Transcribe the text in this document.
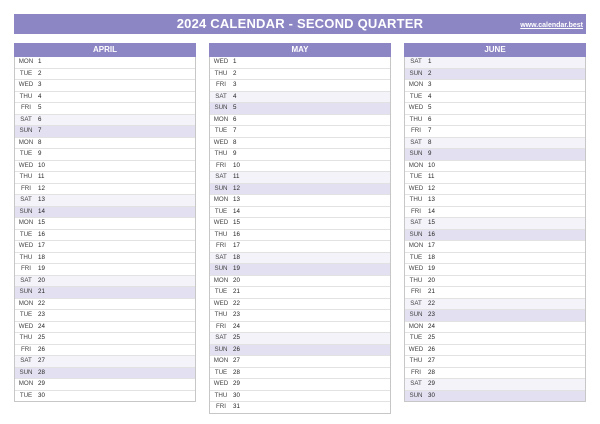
2024 CALENDAR - SECOND QUARTER	www.calendar.best
APRIL
MON 1
TUE 2
WED 3
THU 4
FRI	5
SAT	6
SUN 7
MON 8
TUE 9
WED 10
THU 11
FRI	12
SAT	13
SUN 14
MON 15
TUE 16
WED 17
THU 18
FRI	19
SAT	20
SUN 21
MON 22
TUE 23
WED 24
THU 25
FRI	26
SAT	27
SUN 28
MON 29
TUE 30
MAY
WED 1
THU 2
FRI	3
SAT	4
SUN 5
MON 6
TUE 7
WED 8
THU 9
FRI	10
SAT	11
SUN 12
MON 13
TUE 14
WED 15
THU 16
FRI	17
SAT	18
SUN 19
MON 20
TUE 21
WED 22
THU 23
FRI	24
SAT	25
SUN 26
MON 27
TUE 28
WED 29
THU 30
FRI	31
JUNE
SAT	1
SUN 2
MON 3
TUE 4
WED 5
THU 6
FRI	7
SAT	8
SUN 9
MON 10
TUE 11
WED 12
THU 13
FRI	14
SAT	15
SUN 16
MON 17
TUE 18
WED 19
THU 20
FRI	21
SAT	22
SUN 23
MON 24
TUE 25
WED 26
THU 27
FRI	28
SAT	29
SUN 30
